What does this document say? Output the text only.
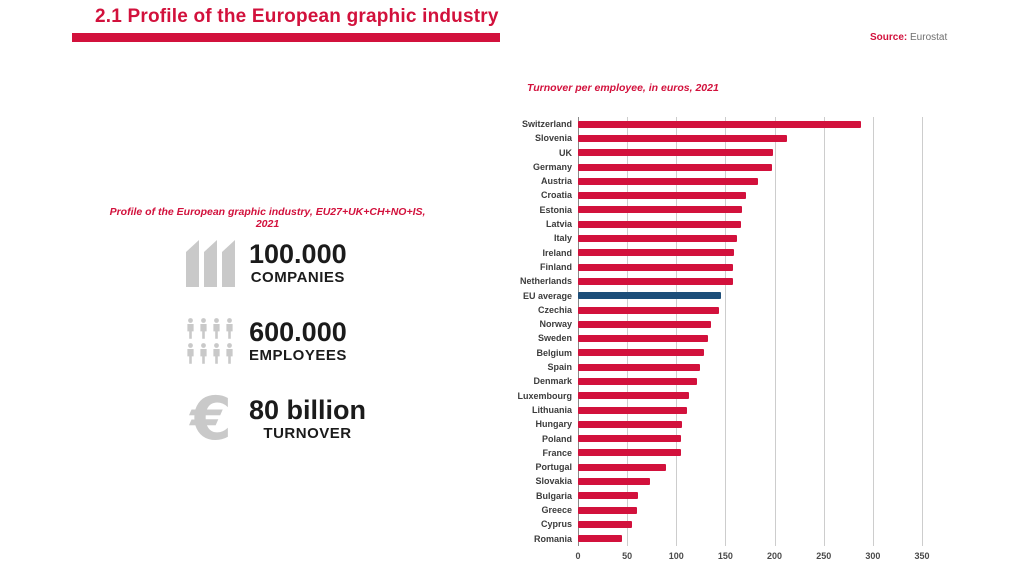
2.1 Profile of the European graphic industry
Source: Eurostat
Profile of the European graphic industry, EU27+UK+CH+NO+IS, 2021
100.000
COMPANIES
600.000
EMPLOYEES
€ 80 billion
TURNOVER
Turnover per employee, in euros, 2021
Switzerland
Slovenia
UK
Germany
Austria
Croatia
Estonia
Latvia
Italy
Ireland
Finland
Netherlands
EU average
Czechia
Norway
Sweden
Belgium
Spain
Denmark
Luxembourg
Lithuania
Hungary
Poland
France
Portugal
Slovakia
Bulgaria
Greece
Cyprus
Romania
0	50	100	150	200	250	300	350
